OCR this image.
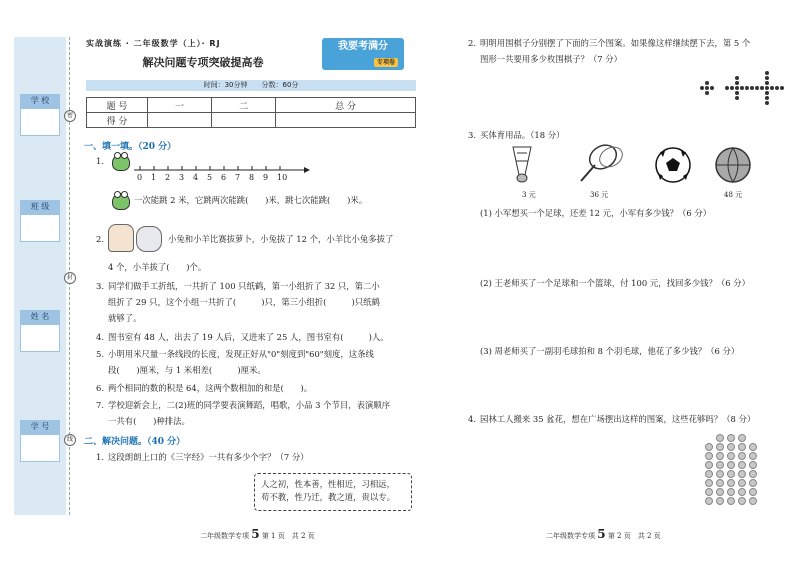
学 校
班 级
姓 名
学 号
密
封
线
实战演练 · 二年级数学（上）· RJ
解决问题专项突破提高卷
我要考满分
专项卷
时间：30分钟　　分数：60分
题 号	一	二	总 分
得 分			
一、填一填。（20 分）
1.
0 1 2 3 4 5 6 7 8 9 10
一次能跳 2 米，它跳两次能跳(　　)米，跳七次能跳(　　)米。
2.	小兔和小羊比赛拔萝卜，小兔拔了 12 个，小羊比小兔多拔了
4 个，小羊拔了(　　)个。
3. 同学们做手工折纸，一共折了 100 只纸鹤，第一小组折了 32 只，第二小
组折了 29 只，这个小组一共折了(　　　)只，第三小组折(　　　)只纸鹤
就够了。
4. 图书室有 48 人，出去了 19 人后，又进来了 25 人，图书室有(　　　)人。
5. 小明用米尺量一条线段的长度，发现正好从"0"刻度到"60"刻度，这条线
段(　　)厘米，与 1 米相差(　　　)厘米。
6. 两个相同的数的积是 64，这两个数相加的和是(　　)。
7. 学校迎新会上，二(2)班的同学要表演舞蹈，唱歌，小品 3 个节目，表演顺序
一共有(　　)种排法。
二、解决问题。（40 分）
1. 这段朗朗上口的《三字经》一共有多少个字？（7 分）
人之初，性本善，性相近，习相远，
苟不教，性乃迁，教之道，贵以专。
二年级数学专项 5 第 1 页　共 2 页	二年级数学专项 5 第 2 页　共 2 页
2. 明明用围棋子分别摆了下面的三个图案。如果像这样继续摆下去，第 5 个
图形一共要用多少枚围棋子？（7 分）
3. 买体育用品。（18 分）
3 元	36 元	48 元
(1) 小军想买一个足球，还差 12 元，小军有多少钱？（6 分）
(2) 王老师买了一个足球和一个篮球，付 100 元，找回多少钱？（6 分）
(3) 周老师买了一副羽毛球拍和 8 个羽毛球，他花了多少钱？（6 分）
4. 园林工人搬来 35 盆花，想在广场摆出这样的图案，这些花够吗？（8 分）
